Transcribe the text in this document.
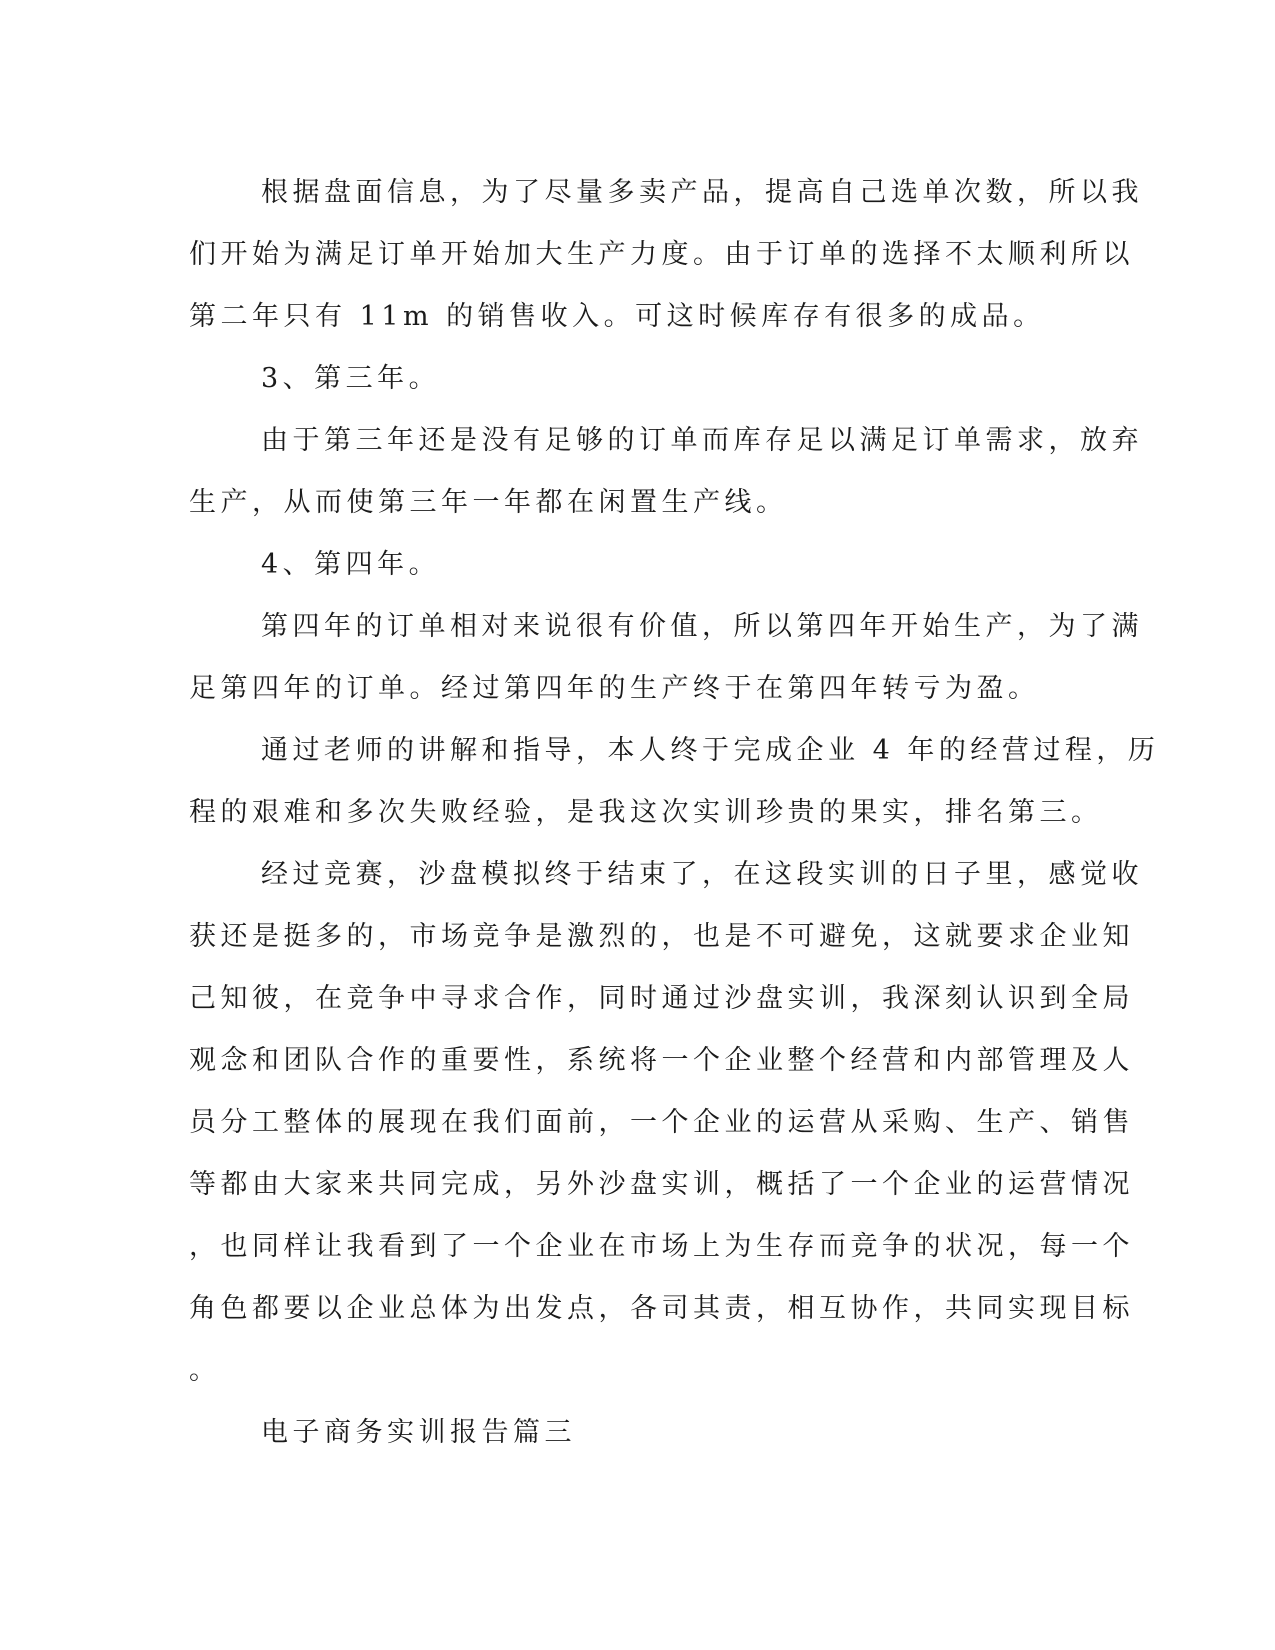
根据盘面信息，为了尽量多卖产品，提高自己选单次数，所以我
们开始为满足订单开始加大生产力度。由于订单的选择不太顺利所以
第二年只有 11m 的销售收入。可这时候库存有很多的成品。
3、第三年。
由于第三年还是没有足够的订单而库存足以满足订单需求，放弃
生产，从而使第三年一年都在闲置生产线。
4、第四年。
第四年的订单相对来说很有价值，所以第四年开始生产，为了满
足第四年的订单。经过第四年的生产终于在第四年转亏为盈。
通过老师的讲解和指导，本人终于完成企业 4 年的经营过程，历
程的艰难和多次失败经验，是我这次实训珍贵的果实，排名第三。
经过竞赛，沙盘模拟终于结束了，在这段实训的日子里，感觉收
获还是挺多的，市场竞争是激烈的，也是不可避免，这就要求企业知
己知彼，在竞争中寻求合作，同时通过沙盘实训，我深刻认识到全局
观念和团队合作的重要性，系统将一个企业整个经营和内部管理及人
员分工整体的展现在我们面前，一个企业的运营从采购、生产、销售
等都由大家来共同完成，另外沙盘实训，概括了一个企业的运营情况
，也同样让我看到了一个企业在市场上为生存而竞争的状况，每一个
角色都要以企业总体为出发点，各司其责，相互协作，共同实现目标
。
电子商务实训报告篇三
